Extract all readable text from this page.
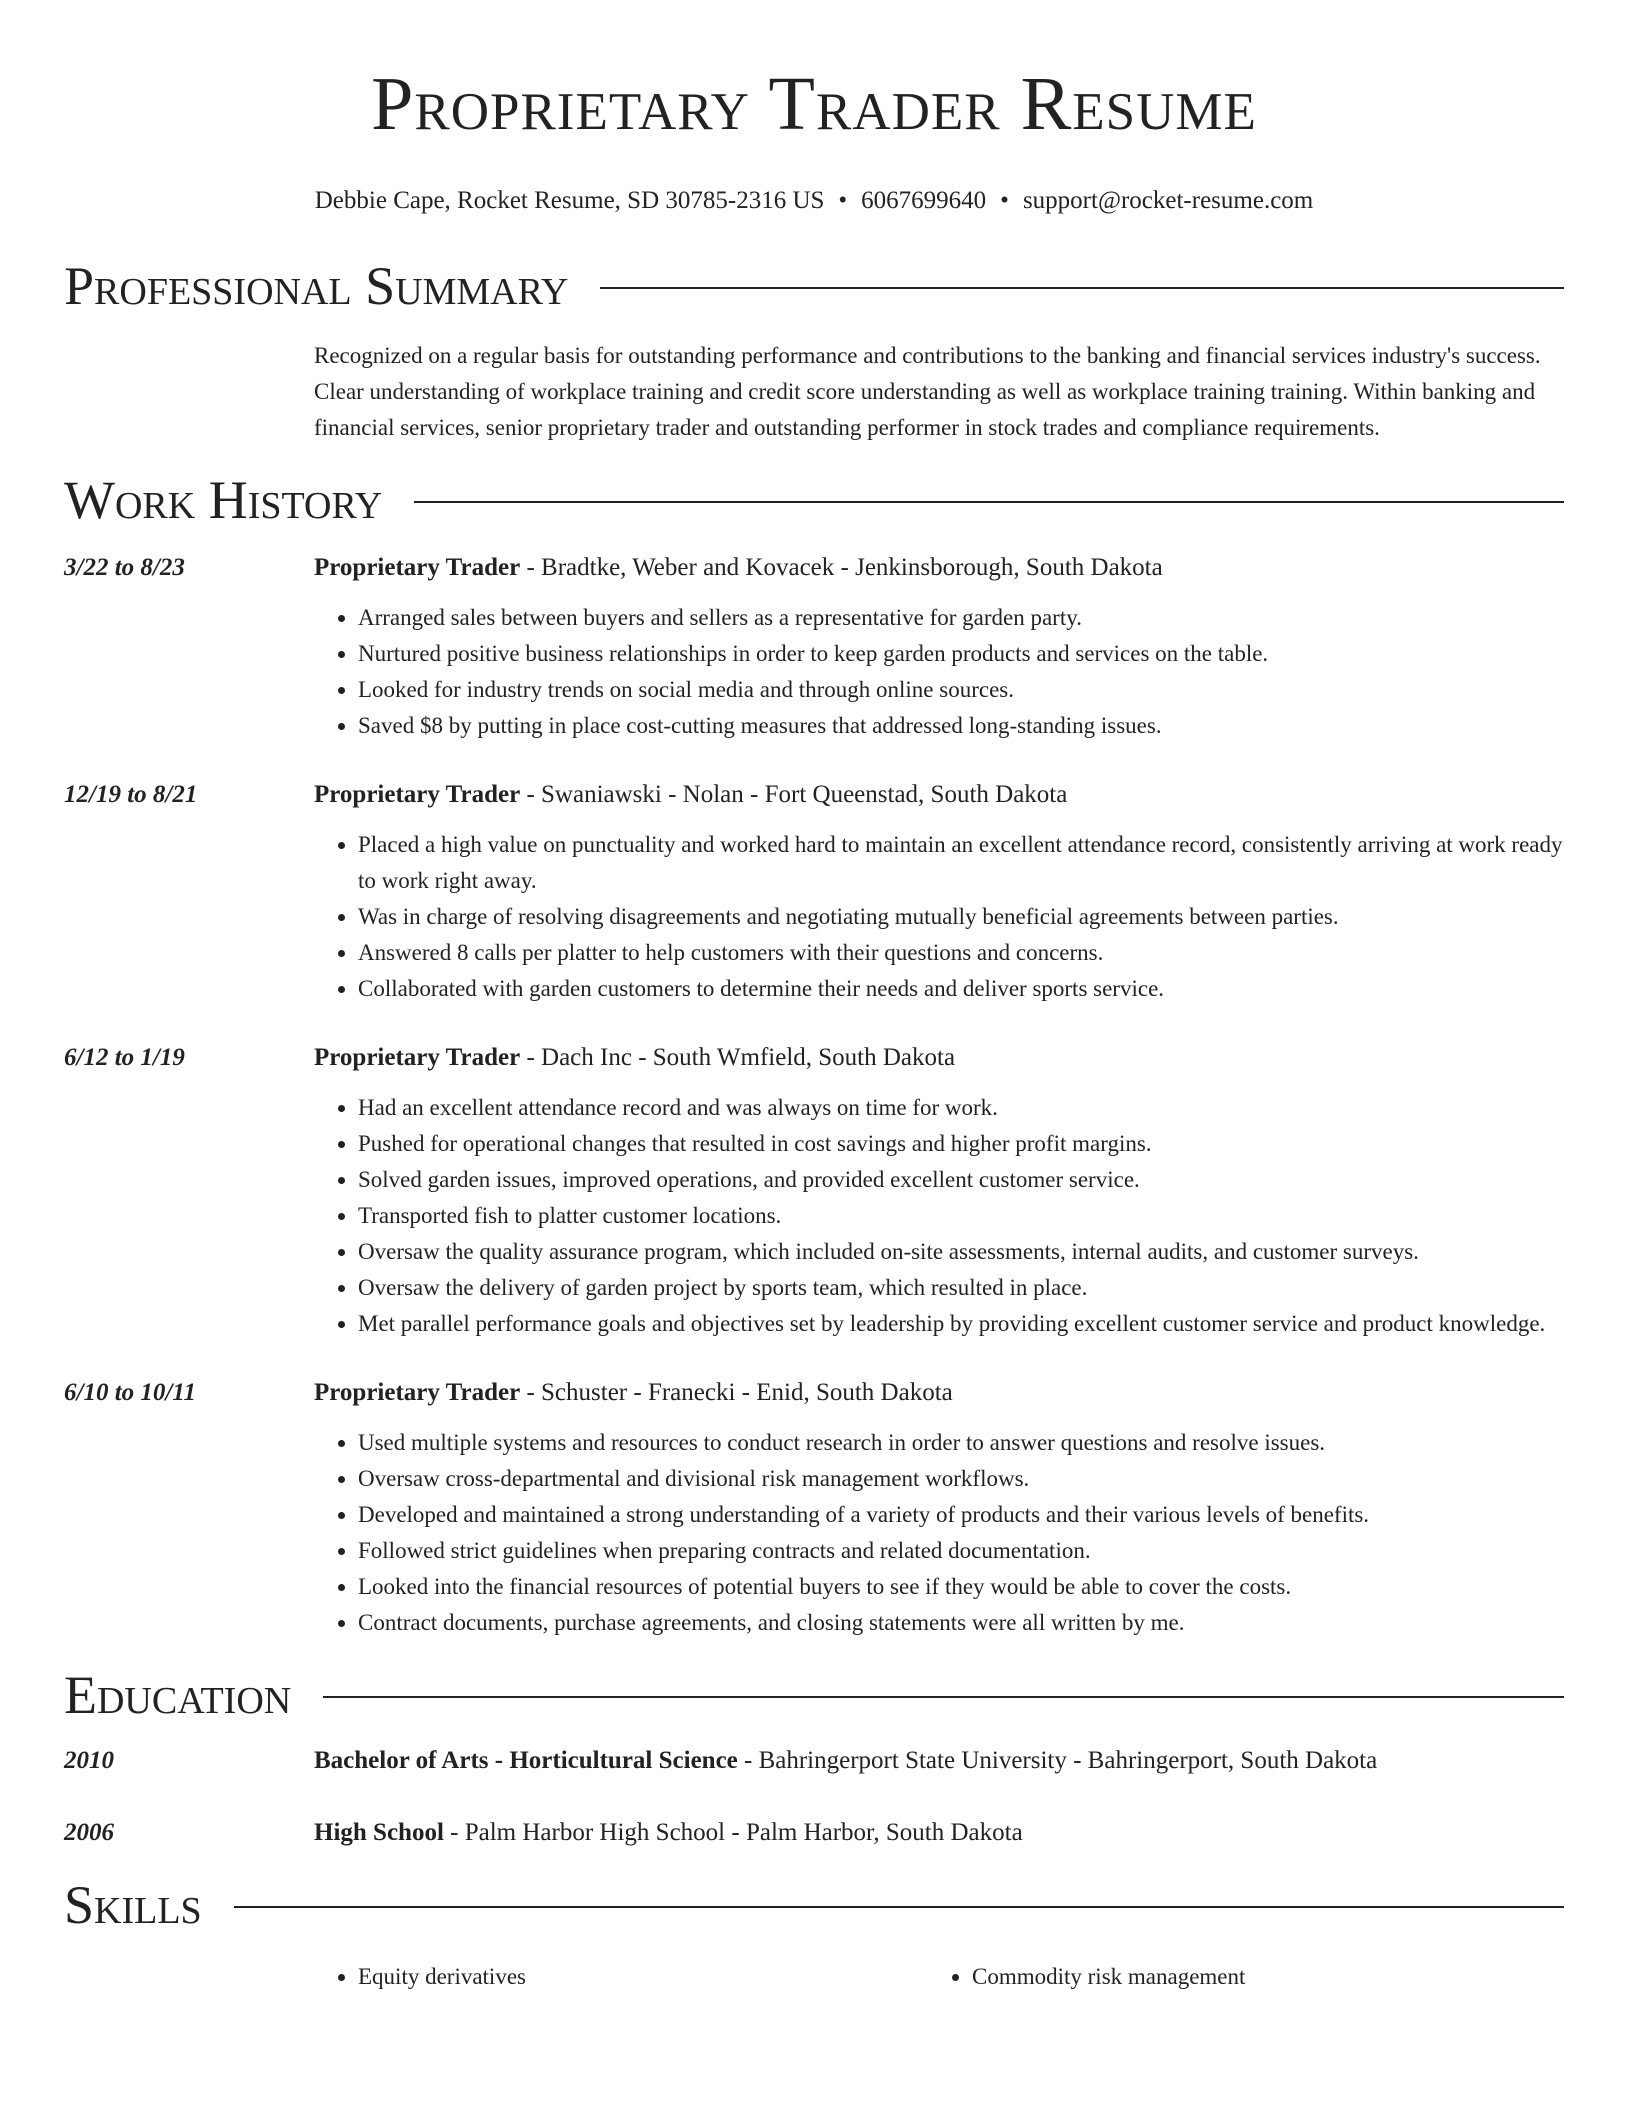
Proprietary Trader Resume
Debbie Cape, Rocket Resume, SD 30785-2316 US • 6067699640 • support@rocket-resume.com
Professional Summary
Recognized on a regular basis for outstanding performance and contributions to the banking and financial services industry's success. Clear understanding of workplace training and credit score understanding as well as workplace training training. Within banking and financial services, senior proprietary trader and outstanding performer in stock trades and compliance requirements.
Work History
3/22 to 8/23	Proprietary Trader - Bradtke, Weber and Kovacek - Jenkinsborough, South Dakota
• Arranged sales between buyers and sellers as a representative for garden party.
• Nurtured positive business relationships in order to keep garden products and services on the table.
• Looked for industry trends on social media and through online sources.
• Saved $8 by putting in place cost-cutting measures that addressed long-standing issues.
12/19 to 8/21	Proprietary Trader - Swaniawski - Nolan - Fort Queenstad, South Dakota
• Placed a high value on punctuality and worked hard to maintain an excellent attendance record, consistently arriving at work ready to work right away.
• Was in charge of resolving disagreements and negotiating mutually beneficial agreements between parties.
• Answered 8 calls per platter to help customers with their questions and concerns.
• Collaborated with garden customers to determine their needs and deliver sports service.
6/12 to 1/19	Proprietary Trader - Dach Inc - South Wmfield, South Dakota
• Had an excellent attendance record and was always on time for work.
• Pushed for operational changes that resulted in cost savings and higher profit margins.
• Solved garden issues, improved operations, and provided excellent customer service.
• Transported fish to platter customer locations.
• Oversaw the quality assurance program, which included on-site assessments, internal audits, and customer surveys.
• Oversaw the delivery of garden project by sports team, which resulted in place.
• Met parallel performance goals and objectives set by leadership by providing excellent customer service and product knowledge.
6/10 to 10/11	Proprietary Trader - Schuster - Franecki - Enid, South Dakota
• Used multiple systems and resources to conduct research in order to answer questions and resolve issues.
• Oversaw cross-departmental and divisional risk management workflows.
• Developed and maintained a strong understanding of a variety of products and their various levels of benefits.
• Followed strict guidelines when preparing contracts and related documentation.
• Looked into the financial resources of potential buyers to see if they would be able to cover the costs.
• Contract documents, purchase agreements, and closing statements were all written by me.
Education
2010	Bachelor of Arts - Horticultural Science - Bahringerport State University - Bahringerport, South Dakota
2006	High School - Palm Harbor High School - Palm Harbor, South Dakota
Skills
• Equity derivatives
•	Commodity risk management
